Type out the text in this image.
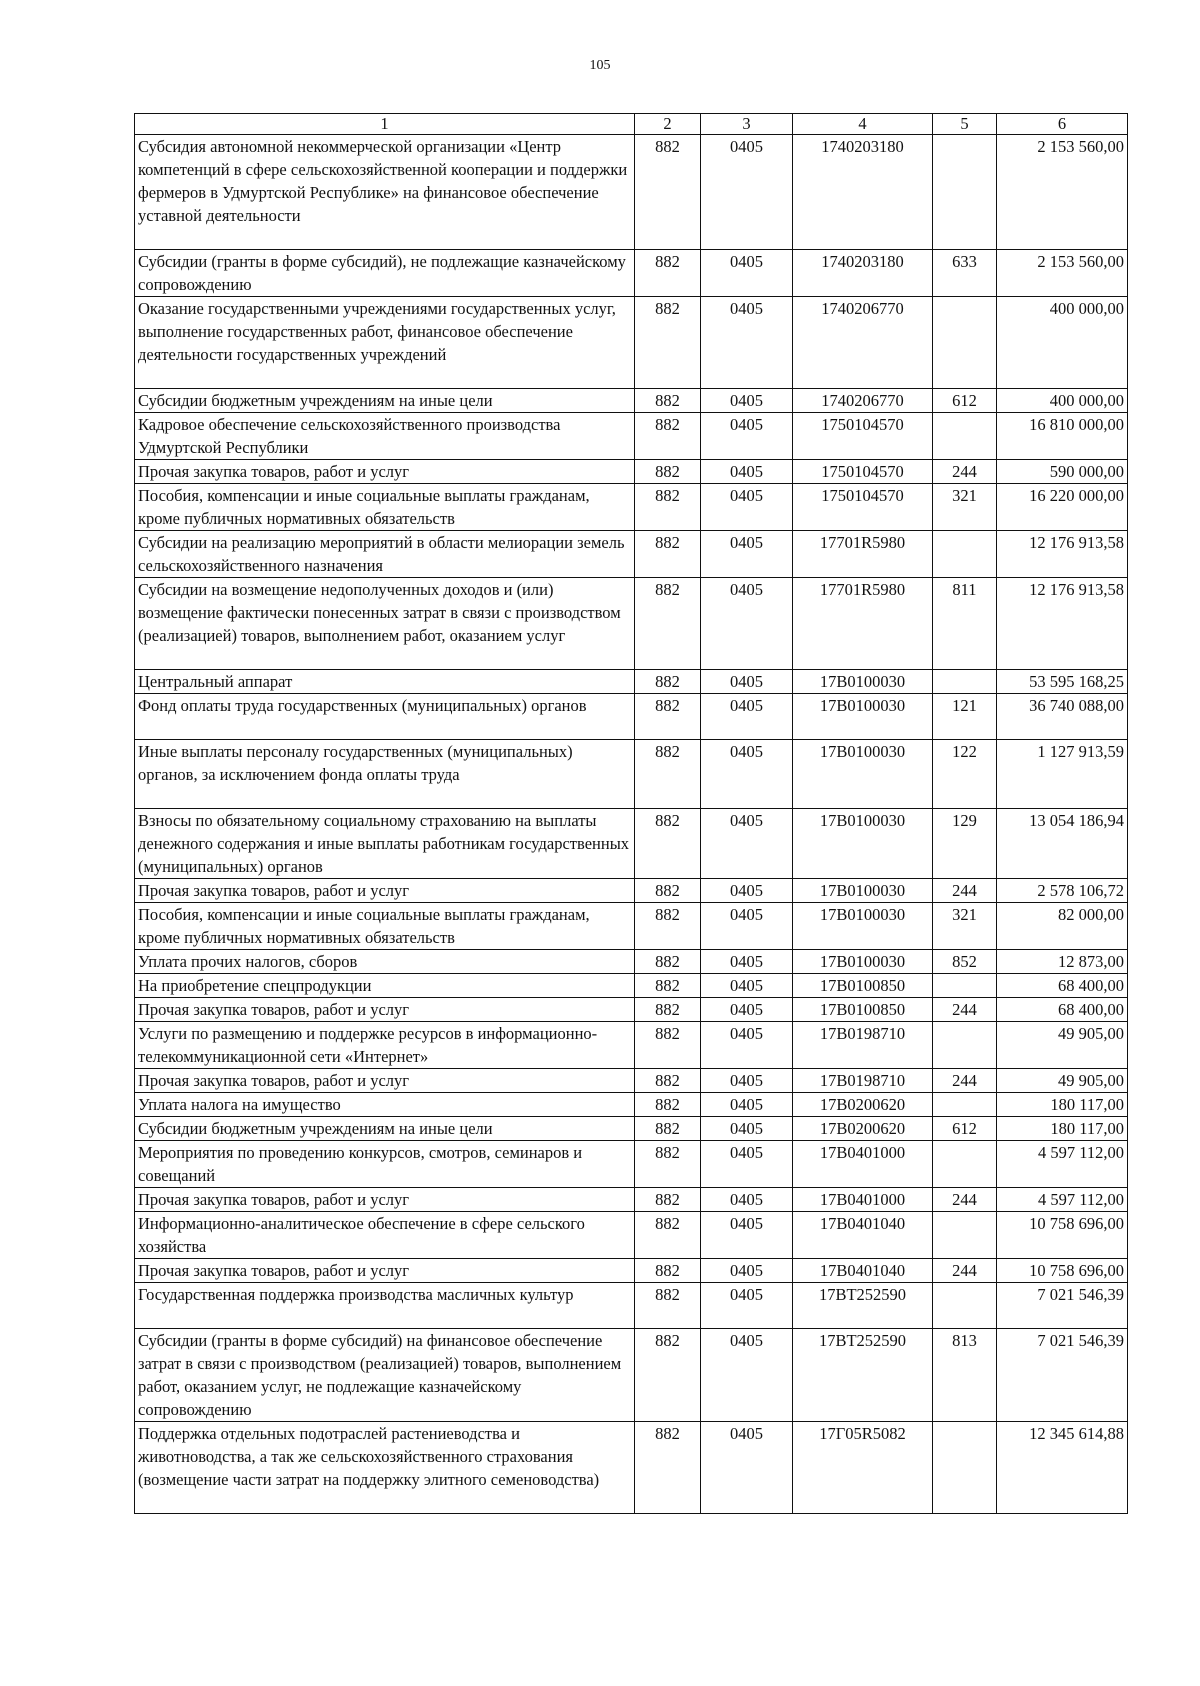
105
1	2	3	4	5	6
Субсидия автономной некоммерческой организации «Центр компетенций в сфере сельскохозяйственной кооперации и поддержки фермеров в Удмуртской Республике» на финансовое обеспечение уставной деятельности	882	0405	1740203180		2 153 560,00
Субсидии (гранты в форме субсидий), не подлежащие казначейскому сопровождению	882	0405	1740203180	633	2 153 560,00
Оказание государственными учреждениями государственных услуг, выполнение государственных работ, финансовое обеспечение деятельности государственных учреждений	882	0405	1740206770		400 000,00
Субсидии бюджетным учреждениям на иные цели	882	0405	1740206770	612	400 000,00
Кадровое обеспечение сельскохозяйственного производства Удмуртской Республики	882	0405	1750104570		16 810 000,00
Прочая закупка товаров, работ и услуг	882	0405	1750104570	244	590 000,00
Пособия, компенсации и иные социальные выплаты гражданам, кроме публичных нормативных обязательств	882	0405	1750104570	321	16 220 000,00
Субсидии на реализацию мероприятий в области мелиорации земель сельскохозяйственного назначения	882	0405	17701R5980		12 176 913,58
Субсидии на возмещение недополученных доходов и (или) возмещение фактически понесенных затрат в связи с производством (реализацией) товаров, выполнением работ, оказанием услуг	882	0405	17701R5980	811	12 176 913,58
Центральный аппарат	882	0405	17B0100030		53 595 168,25
Фонд оплаты труда государственных (муниципальных) органов	882	0405	17B0100030	121	36 740 088,00
Иные выплаты персоналу государственных (муниципальных) органов, за исключением фонда оплаты труда	882	0405	17B0100030	122	1 127 913,59
Взносы по обязательному социальному страхованию на выплаты денежного содержания и иные выплаты работникам государственных (муниципальных) органов	882	0405	17B0100030	129	13 054 186,94
Прочая закупка товаров, работ и услуг	882	0405	17B0100030	244	2 578 106,72
Пособия, компенсации и иные социальные выплаты гражданам, кроме публичных нормативных обязательств	882	0405	17B0100030	321	82 000,00
Уплата прочих налогов, сборов	882	0405	17B0100030	852	12 873,00
На приобретение спецпродукции	882	0405	17B0100850		68 400,00
Прочая закупка товаров, работ и услуг	882	0405	17B0100850	244	68 400,00
Услуги по размещению и поддержке ресурсов в информационно-телекоммуникационной сети «Интернет»	882	0405	17B0198710		49 905,00
Прочая закупка товаров, работ и услуг	882	0405	17B0198710	244	49 905,00
Уплата налога на имущество	882	0405	17B0200620		180 117,00
Субсидии бюджетным учреждениям на иные цели	882	0405	17B0200620	612	180 117,00
Мероприятия по проведению конкурсов, смотров, семинаров и совещаний	882	0405	17B0401000		4 597 112,00
Прочая закупка товаров, работ и услуг	882	0405	17B0401000	244	4 597 112,00
Информационно-аналитическое обеспечение в сфере сельского хозяйства	882	0405	17B0401040		10 758 696,00
Прочая закупка товаров, работ и услуг	882	0405	17B0401040	244	10 758 696,00
Государственная поддержка производства масличных культур	882	0405	17BT252590		7 021 546,39
Субсидии (гранты в форме субсидий) на финансовое обеспечение затрат в связи с производством (реализацией) товаров, выполнением работ, оказанием услуг, не подлежащие казначейскому сопровождению	882	0405	17BT252590	813	7 021 546,39
Поддержка отдельных подотраслей растениеводства и животноводства, а так же сельскохозяйственного страхования (возмещение части затрат на поддержку элитного семеноводства)	882	0405	17Г05R5082		12 345 614,88
